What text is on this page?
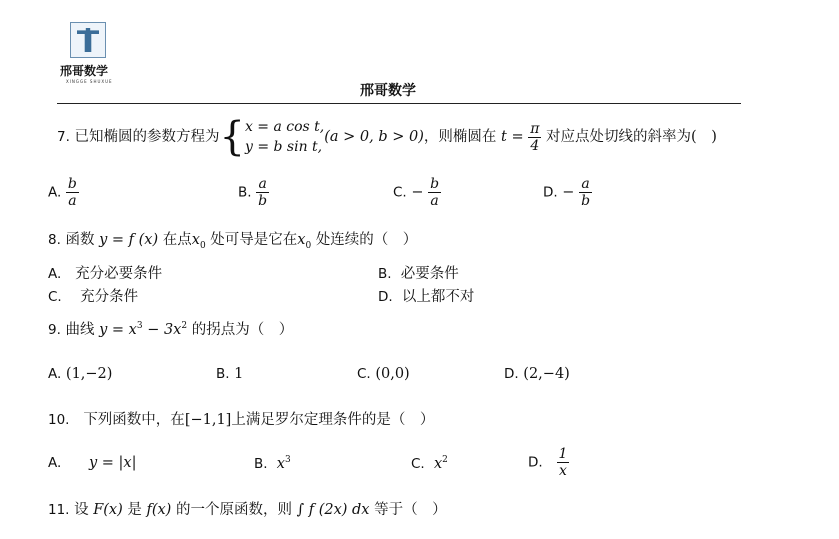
邢哥数学
XINGGE SHUXUE
邢哥数学
7. 已知椭圆的参数方程为{ x = a cos t,
y = b sin t,
(a > 0, b > 0)，则椭圆在 $t = \frac{\pi}{4}$ 对应点处切线的斜率为(　)
A. $\frac{b}{a}$	B. $\frac{a}{b}$	C. − $\frac{b}{a}$	D. − $\frac{a}{b}$
8. 函数 y = f (x) 在点$x_0$ 处可导是它在$x_0$ 处连续的（　）
A. 充分必要条件	B. 必要条件
C. 充分条件	D. 以上都不对
9. 曲线 $y = x^3 - 3x^2$ 的拐点为（　）
A. (1,−2)	B. 1	C. (0,0)	D. (2,−4)
10. 下列函数中，在[−1,1]上满足罗尔定理条件的是（　）
A. y = |x|	B. $x^3$	C. $x^2$	D. $\frac{1}{x}$
11. 设 F(x) 是 f(x) 的一个原函数，则 ∫ f (2x) dx 等于（　）
